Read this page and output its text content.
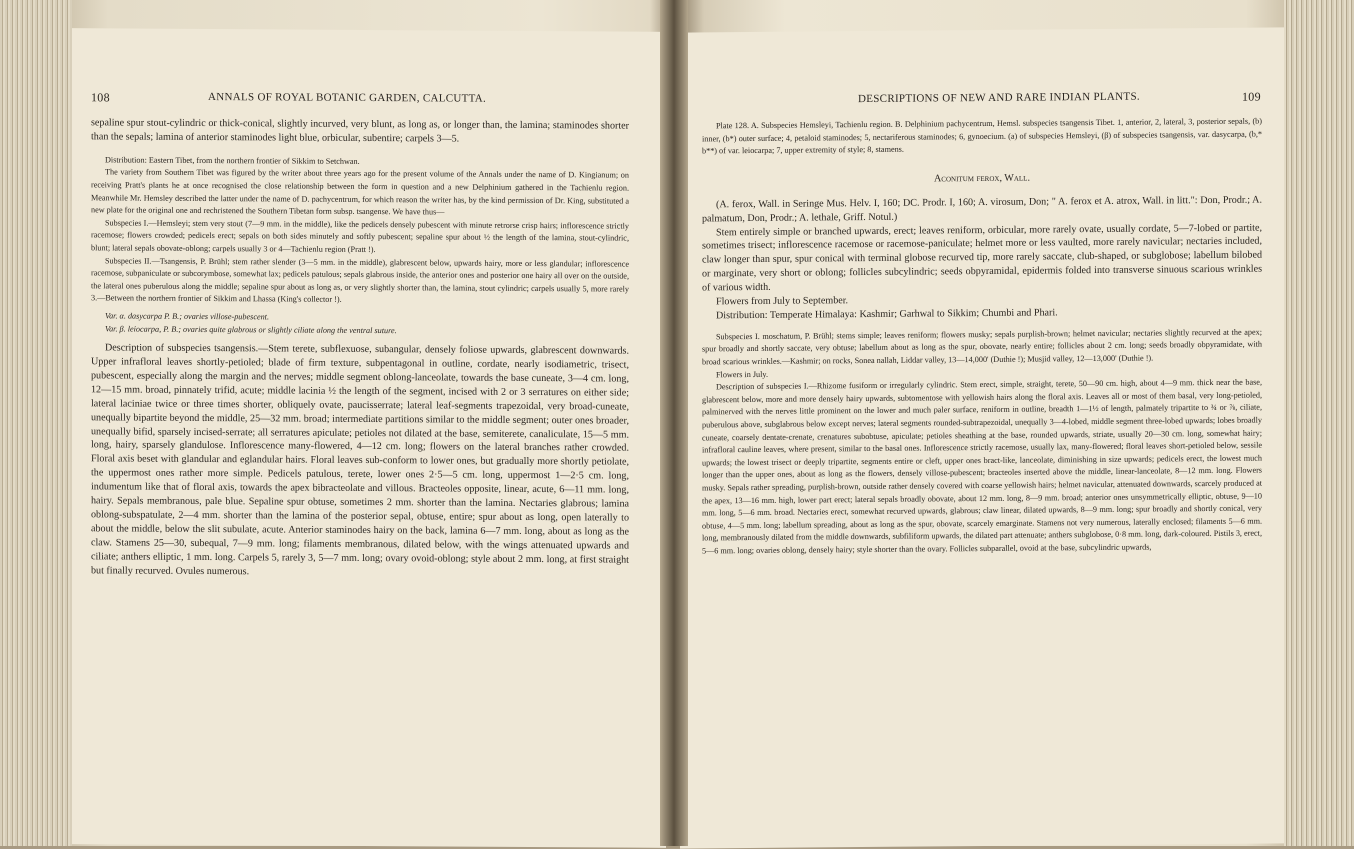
108	ANNALS OF ROYAL BOTANIC GARDEN, CALCUTTA.

sepaline spur stout-cylindric or thick-conical, slightly incurved, very blunt, as long as, or longer than, the lamina; staminodes shorter than the sepals; lamina of anterior staminodes light blue, orbicular, subentire; carpels 3—5.

Distribution: Eastern Tibet, from the northern frontier of Sikkim to Setchwan.

The variety from Southern Tibet was figured by the writer about three years ago for the present volume of the Annals under the name of D. Kingianum; on receiving Pratt's plants he at once recognised the close relationship between the form in question and a new Delphinium gathered in the Tachienlu region. Meanwhile Mr. Hemsley described the latter under the name of D. pachycentrum, for which reason the writer has, by the kind permission of Dr. King, substituted a new plate for the original one and rechristened the Southern Tibetan form subsp. tsangense. We have thus—

Subspecies I.—Hemsleyi; stem very stout (7—9 mm. in the middle), like the pedicels densely pubescent with minute retrorse crisp hairs; inflorescence strictly racemose; flowers crowded; pedicels erect; sepals on both sides minutely and softly pubescent; sepaline spur about ½ the length of the lamina, stout-cylindric, blunt; lateral sepals obovate-oblong; carpels usually 3 or 4—Tachienlu region (Pratt !).

Subspecies II.—Tsangensis, P. Brühl; stem rather slender (3—5 mm. in the middle), glabrescent below, upwards hairy, more or less glandular; inflorescence racemose, subpaniculate or subcorymbose, somewhat lax; pedicels patulous; sepals glabrous inside, the anterior ones and posterior one hairy all over on the outside, the lateral ones puberulous along the middle; sepaline spur about as long as, or very slightly shorter than, the lamina, stout cylindric; carpels usually 5, more rarely 3.—Between the northern frontier of Sikkim and Lhassa (King's collector !).

Var. α. dasycarpa P. B.; ovaries villose-pubescent.

Var. β. leiocarpa, P. B.; ovaries quite glabrous or slightly ciliate along the ventral suture.

Description of subspecies tsangensis.—Stem terete, subflexuose, subangular, densely foliose upwards, glabrescent downwards. Upper infrafloral leaves shortly-petioled; blade of firm texture, subpentagonal in outline, cordate, nearly isodiametric, trisect, pubescent, especially along the margin and the nerves; middle segment oblong-lanceolate, towards the base cuneate, 3—4 cm. long, 12—15 mm. broad, pinnately trifid, acute; middle lacinia ½ the length of the segment, incised with 2 or 3 serratures on either side; lateral laciniae twice or three times shorter, obliquely ovate, paucisserrate; lateral leaf-segments trapezoidal, very broad-cuneate, unequally bipartite beyond the middle, 25—32 mm. broad; intermediate partitions similar to the middle segment; outer ones broader, unequally bifid, sparsely incised-serrate; all serratures apiculate; petioles not dilated at the base, semiterete, canaliculate, 15—5 mm. long, hairy, sparsely glandulose. Inflorescence many-flowered, 4—12 cm. long; flowers on the lateral branches rather crowded. Floral axis beset with glandular and eglandular hairs. Floral leaves sub-conform to lower ones, but gradually more shortly petiolate, the uppermost ones rather more simple. Pedicels patulous, terete, lower ones 2·5—5 cm. long, uppermost 1—2·5 cm. long, indumentum like that of floral axis, towards the apex bibracteolate and villous. Bracteoles opposite, linear, acute, 6—11 mm. long, hairy. Sepals membranous, pale blue. Sepaline spur obtuse, sometimes 2 mm. shorter than the lamina. Nectaries glabrous; lamina oblong-subspatulate, 2—4 mm. shorter than the lamina of the posterior sepal, obtuse, entire; spur about as long, open laterally to about the middle, below the slit subulate, acute. Anterior staminodes hairy on the back, lamina 6—7 mm. long, about as long as the claw. Stamens 25—30, subequal, 7—9 mm. long; filaments membranous, dilated below, with the wings attenuated upwards and ciliate; anthers elliptic, 1 mm. long. Carpels 5, rarely 3, 5—7 mm. long; ovary ovoid-oblong; style about 2 mm. long, at first straight but finally recurved. Ovules numerous.

DESCRIPTIONS OF NEW AND RARE INDIAN PLANTS.	109

Plate 128. A. Subspecies Hemsleyi, Tachienlu region. B. Delphinium pachycentrum, Hemsl. subspecies tsangensis Tibet. 1, anterior, 2, lateral, 3, posterior sepals, (b) inner, (b*) outer surface; 4, petaloid staminodes; 5, nectariferous staminodes; 6, gynoecium. (a) of subspecies Hemsleyi, (β) of subspecies tsangensis, var. dasycarpa, (b,* b**) of var. leiocarpa; 7, upper extremity of style; 8, stamens.

Aconitum ferox, Wall.

(A. ferox, Wall. in Seringe Mus. Helv. I, 160; DC. Prodr. I, 160; A. virosum, Don; " A. ferox et A. atrox, Wall. in litt.": Don, Prodr.; A. palmatum, Don, Prodr.; A. lethale, Griff. Notul.)

Stem entirely simple or branched upwards, erect; leaves reniform, orbicular, more rarely ovate, usually cordate, 5—7-lobed or partite, sometimes trisect; inflorescence racemose or racemose-paniculate; helmet more or less vaulted, more rarely navicular; nectaries included, claw longer than spur, spur conical with terminal globose recurved tip, more rarely saccate, club-shaped, or subglobose; labellum bilobed or marginate, very short or oblong; follicles subcylindric; seeds obpyramidal, epidermis folded into transverse sinuous scarious wrinkles of various width.

Flowers from July to September.

Distribution: Temperate Himalaya: Kashmir; Garhwal to Sikkim; Chumbi and Phari.

Subspecies I. moschatum, P. Brühl; stems simple; leaves reniform; flowers musky; sepals purplish-brown; helmet navicular; nectaries slightly recurved at the apex; spur broadly and shortly saccate, very obtuse; labellum about as long as the spur, obovate, nearly entire; follicles about 2 cm. long; seeds broadly obpyramidate, with broad scarious wrinkles.—Kashmir; on rocks, Sonea nallah, Liddar valley, 13—14,000' (Duthie !); Musjid valley, 12—13,000' (Duthie !).

Flowers in July.

Description of subspecies I.—Rhizome fusiform or irregularly cylindric. Stem erect, simple, straight, terete, 50—90 cm. high, about 4—9 mm. thick near the base, glabrescent below, more and more densely hairy upwards, subtomentose with yellowish hairs along the floral axis. Leaves all or most of them basal, very long-petioled, palminerved with the nerves little prominent on the lower and much paler surface, reniform in outline, breadth 1—1½ of length, palmately tripartite to ¾ or ⅞, ciliate, puberulous above, subglabrous below except nerves; lateral segments rounded-subtrapezoidal, unequally 3—4-lobed, middle segment three-lobed upwards; lobes broadly cuneate, coarsely dentate-crenate, crenatures subobtuse, apiculate; petioles sheathing at the base, rounded upwards, striate, usually 20—30 cm. long, somewhat hairy; infrafloral cauline leaves, where present, similar to the basal ones. Inflorescence strictly racemose, usually lax, many-flowered; floral leaves short-petioled below, sessile upwards; the lowest trisect or deeply tripartite, segments entire or cleft, upper ones bract-like, lanceolate, diminishing in size upwards; pedicels erect, the lowest much longer than the upper ones, about as long as the flowers, densely villose-pubescent; bracteoles inserted above the middle, linear-lanceolate, 8—12 mm. long. Flowers musky. Sepals rather spreading, purplish-brown, outside rather densely covered with coarse yellowish hairs; helmet navicular, attenuated downwards, scarcely produced at the apex, 13—16 mm. high, lower part erect; lateral sepals broadly obovate, about 12 mm. long, 8—9 mm. broad; anterior ones unsymmetrically elliptic, obtuse, 9—10 mm. long, 5—6 mm. broad. Nectaries erect, somewhat recurved upwards, glabrous; claw linear, dilated upwards, 8—9 mm. long; spur broadly and shortly conical, very obtuse, 4—5 mm. long; labellum spreading, about as long as the spur, obovate, scarcely emarginate. Stamens not very numerous, laterally enclosed; filaments 5—6 mm. long, membranously dilated from the middle downwards, subfiliform upwards, the dilated part attenuate; anthers subglobose, 0·8 mm. long, dark-coloured. Pistils 3, erect, 5—6 mm. long; ovaries oblong, densely hairy; style shorter than the ovary. Follicles subparallel, ovoid at the base, subcylindric upwards,
